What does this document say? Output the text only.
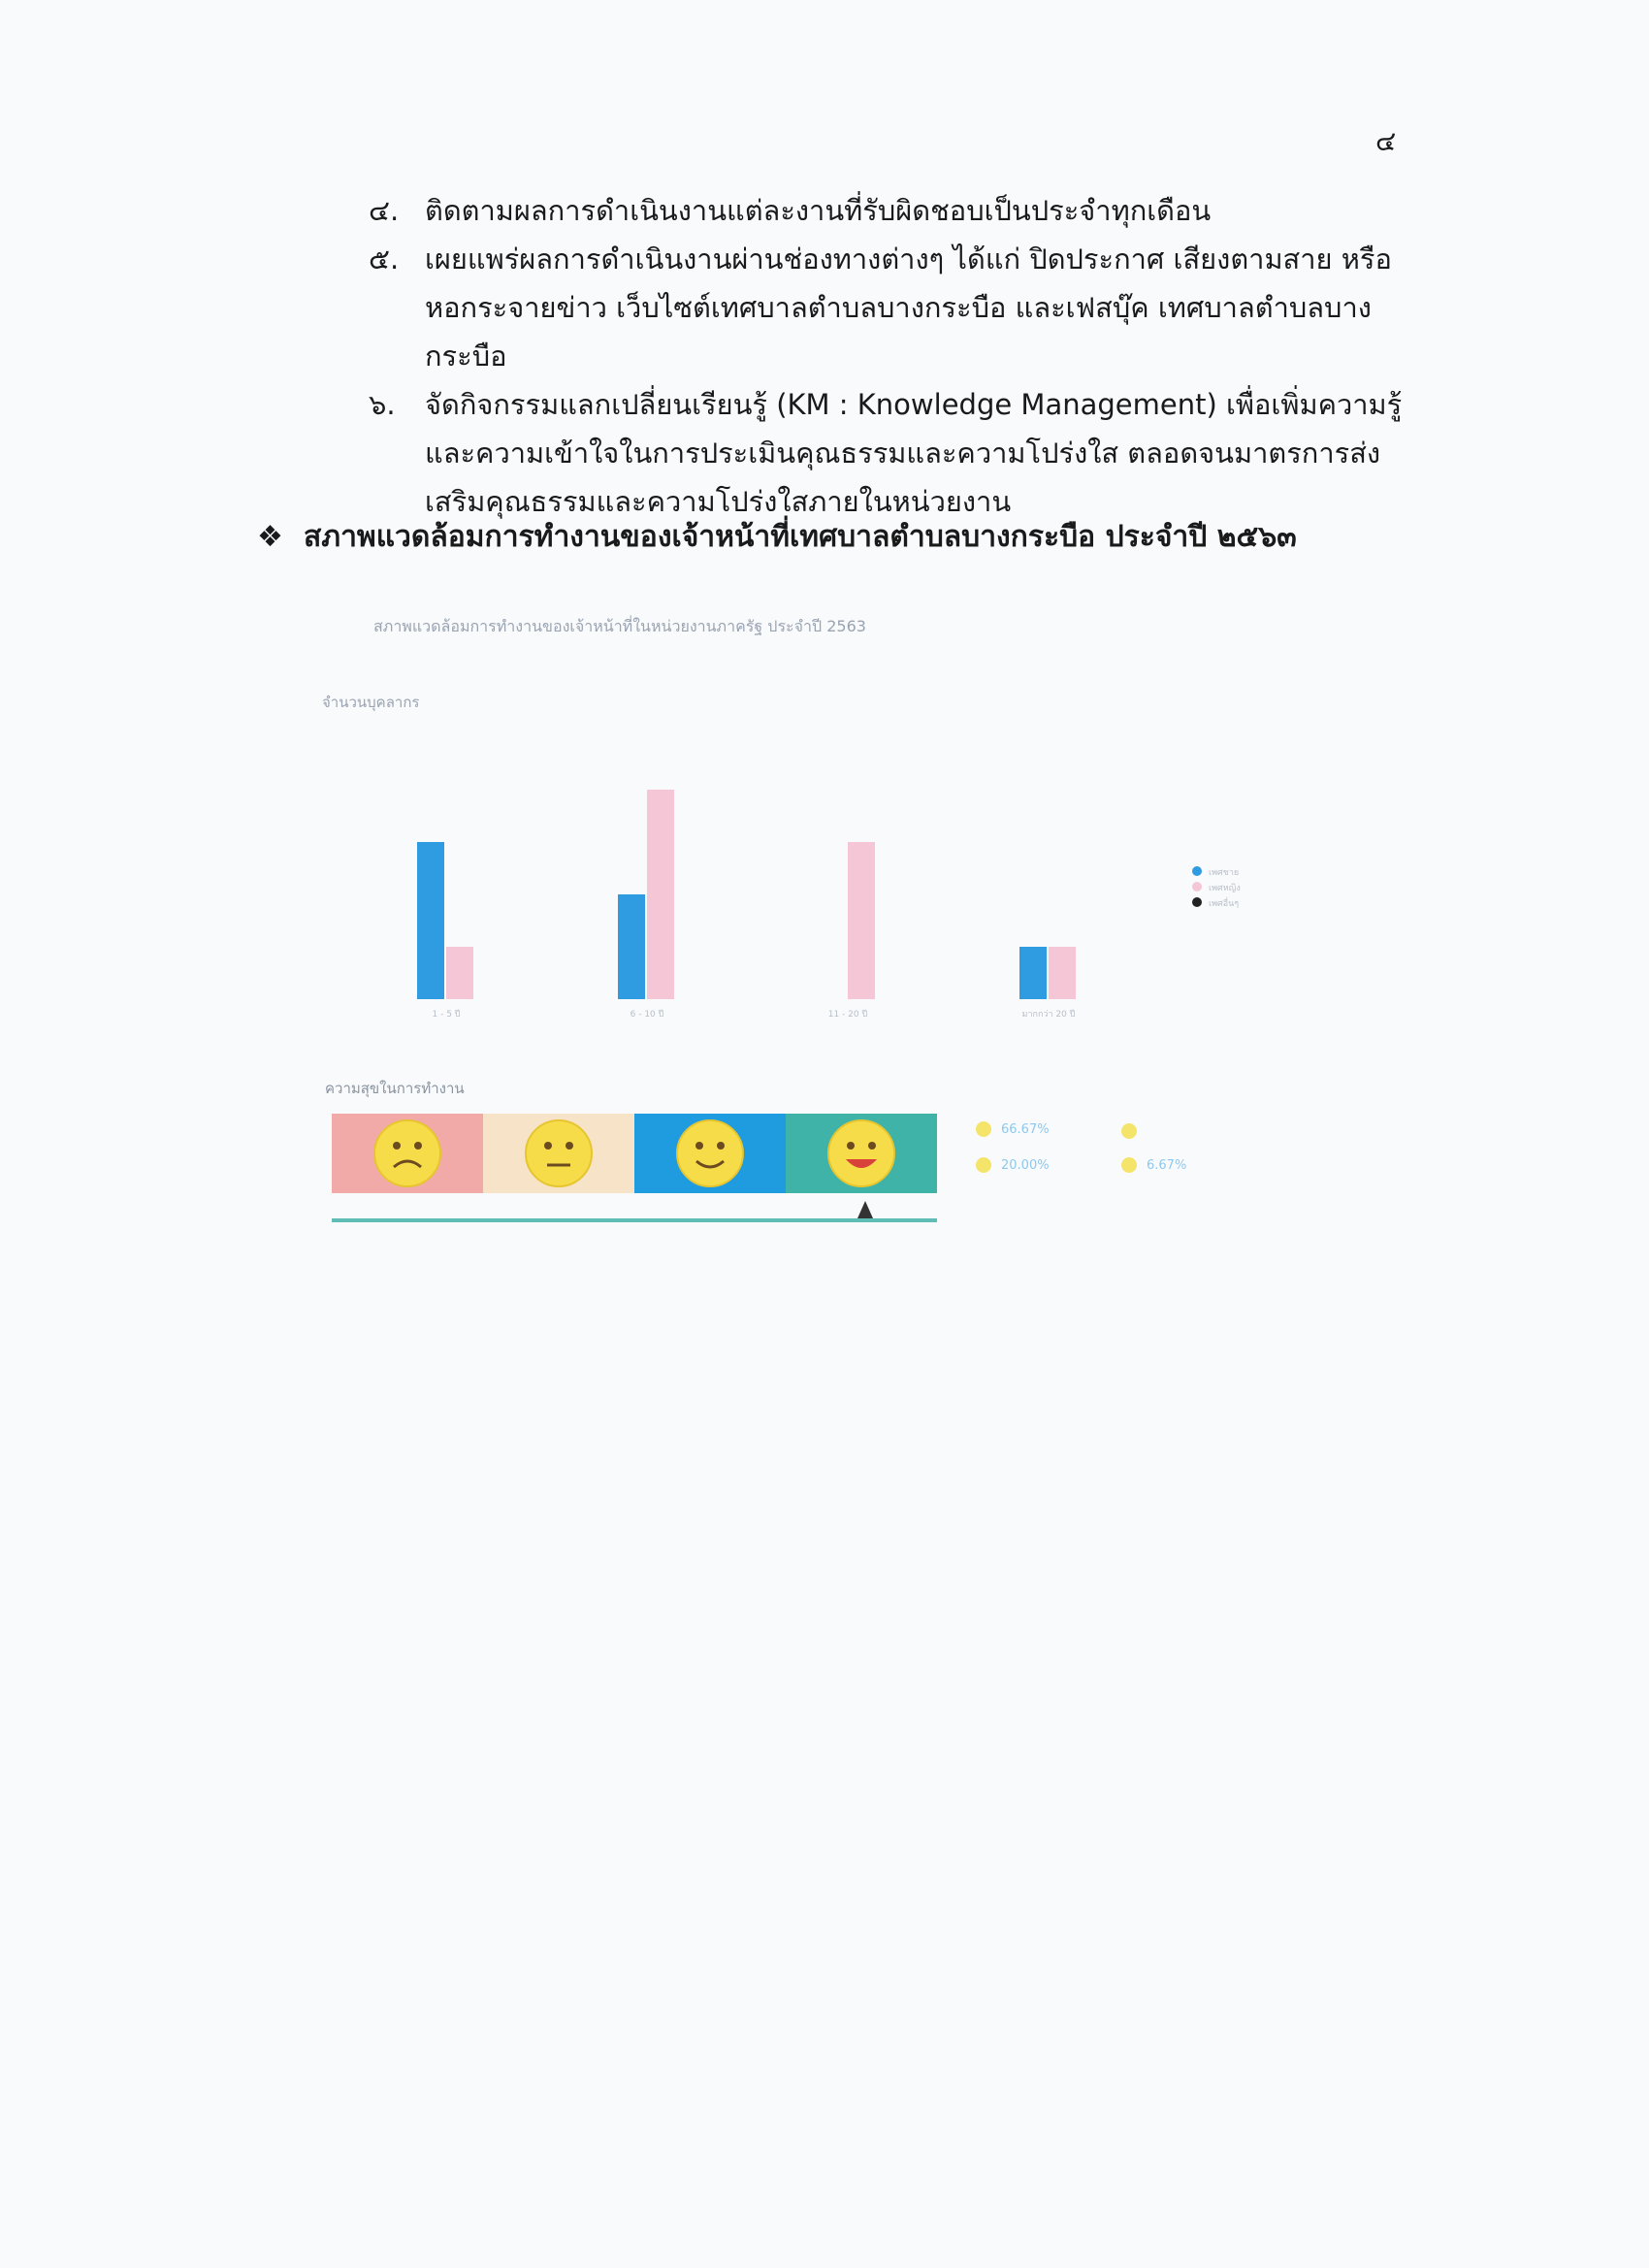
๔
๔. ติดตามผลการดำเนินงานแต่ละงานที่รับผิดชอบเป็นประจำทุกเดือน
๕. เผยแพร่ผลการดำเนินงานผ่านช่องทางต่างๆ ได้แก่ ปิดประกาศ เสียงตามสาย หรือหอกระจายข่าว เว็บไซต์เทศบาลตำบลบางกระบือ และเฟสบุ๊ค เทศบาลตำบลบางกระบือ
๖. จัดกิจกรรมแลกเปลี่ยนเรียนรู้ (KM : Knowledge Management) เพื่อเพิ่มความรู้และความเข้าใจในการประเมินคุณธรรมและความโปร่งใส ตลอดจนมาตรการส่งเสริมคุณธรรมและความโปร่งใสภายในหน่วยงาน
❖ สภาพแวดล้อมการทำงานของเจ้าหน้าที่เทศบาลตำบลบางกระบือ ประจำปี ๒๕๖๓
สภาพแวดล้อมการทำงานของเจ้าหน้าที่ในหน่วยงานภาครัฐ ประจำปี 2563
จำนวนบุคลากร
1 - 5 ปี	6 - 10 ปี	11 - 20 ปี	มากกว่า 20 ปี
เพศชาย
เพศหญิง
เพศอื่นๆ
ความสุขในการทำงาน
66.67%
20.00%	6.67%
